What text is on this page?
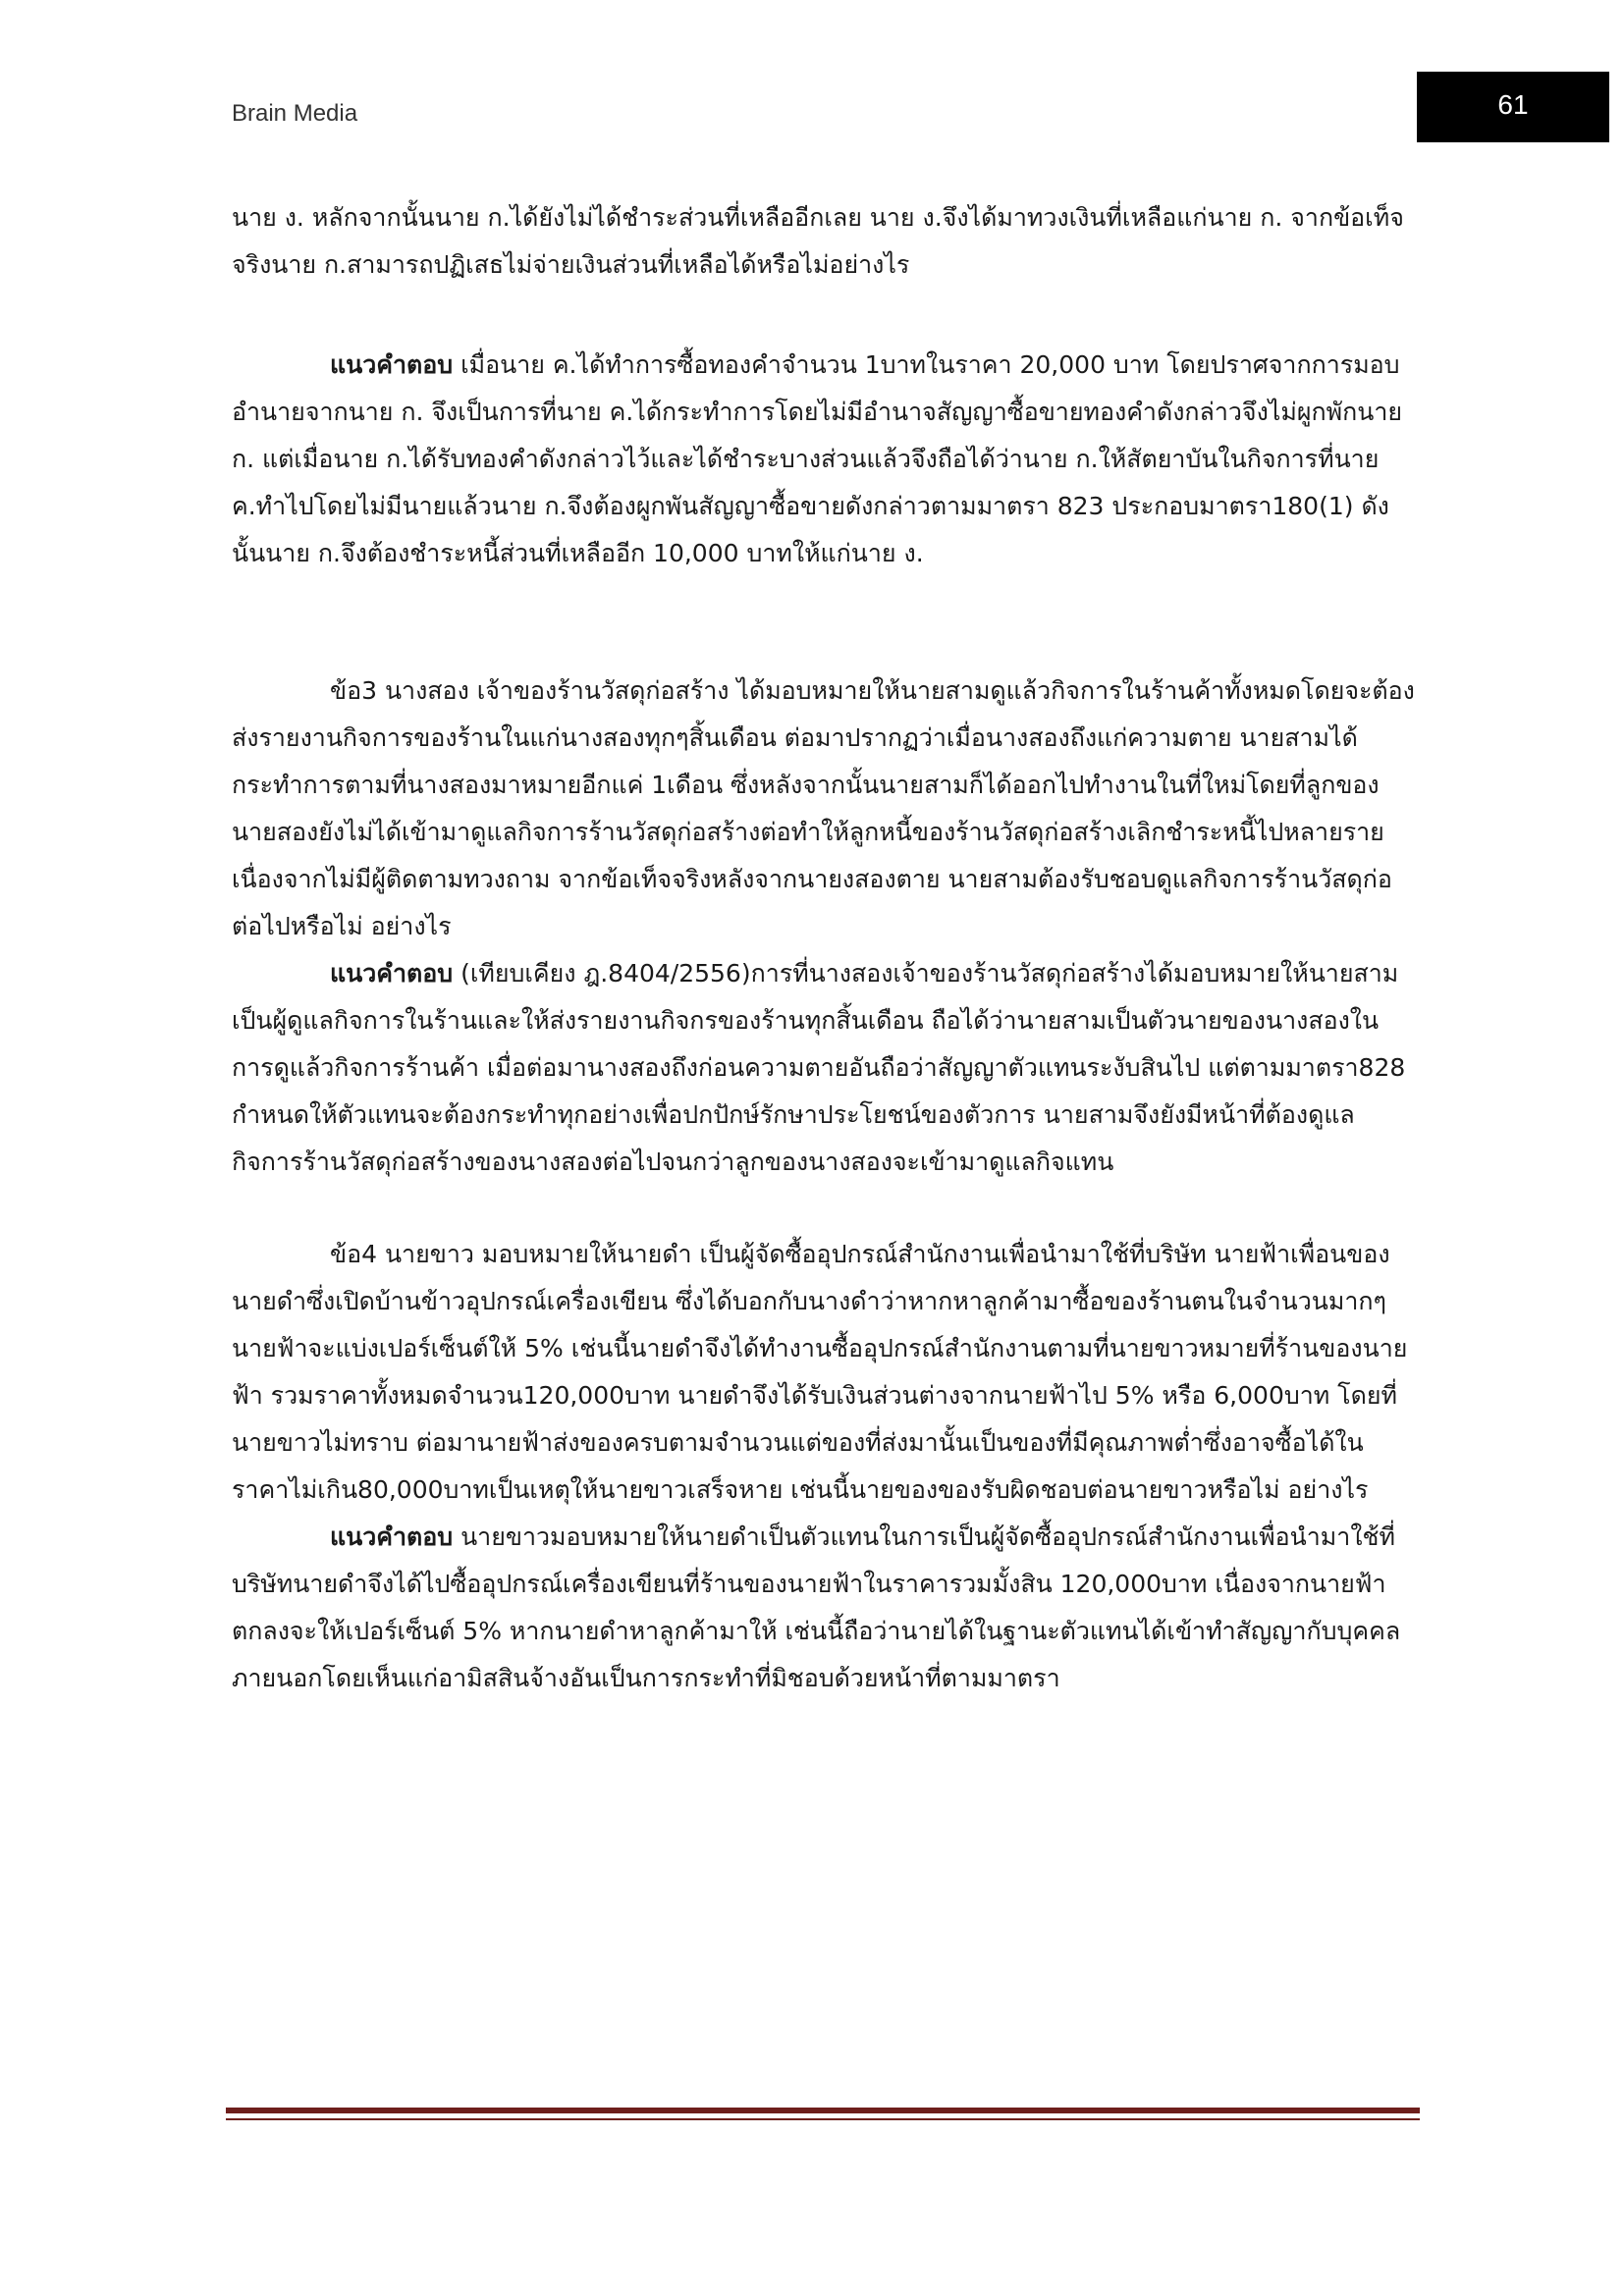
Brain Media	61

นาย ง. หลักจากนั้นนาย ก.ได้ยังไม่ได้ชำระส่วนที่เหลืออีกเลย นาย ง.จึงได้มาทวงเงินที่เหลือแก่นาย ก. จากข้อเท็จจริงนาย ก.สามารถปฏิเสธไม่จ่ายเงินส่วนที่เหลือได้หรือไม่อย่างไร

แนวคำตอบ เมื่อนาย ค.ได้ทำการซื้อทองคำจำนวน 1บาทในราคา 20,000 บาท โดยปราศจากการมอบอำนายจากนาย ก. จึงเป็นการที่นาย ค.ได้กระทำการโดยไม่มีอำนาจสัญญาซื้อขายทองคำดังกล่าวจึงไม่ผูกพักนาย ก. แต่เมื่อนาย ก.ได้รับทองคำดังกล่าวไว้และได้ชำระบางส่วนแล้วจึงถือได้ว่านาย ก.ให้สัตยาบันในกิจการที่นาย ค.ทำไปโดยไม่มีนายแล้วนาย ก.จึงต้องผูกพันสัญญาซื้อขายดังกล่าวตามมาตรา 823 ประกอบมาตรา180(1) ดังนั้นนาย ก.จึงต้องชำระหนี้ส่วนที่เหลืออีก 10,000 บาทให้แก่นาย ง.

ข้อ3 นางสอง เจ้าของร้านวัสดุก่อสร้าง ได้มอบหมายให้นายสามดูแล้วกิจการในร้านค้าทั้งหมดโดยจะต้องส่งรายงานกิจการของร้านในแก่นางสองทุกๆสิ้นเดือน ต่อมาปรากฏว่าเมื่อนางสองถึงแก่ความตาย นายสามได้กระทำการตามที่นางสองมาหมายอีกแค่ 1เดือน ซึ่งหลังจากนั้นนายสามก็ได้ออกไปทำงานในที่ใหม่โดยที่ลูกของนายสองยังไม่ได้เข้ามาดูแลกิจการร้านวัสดุก่อสร้างต่อทำให้ลูกหนี้ของร้านวัสดุก่อสร้างเลิกชำระหนี้ไปหลายรายเนื่องจากไม่มีผู้ติดตามทวงถาม จากข้อเท็จจริงหลังจากนายงสองตาย นายสามต้องรับชอบดูแลกิจการร้านวัสดุก่อต่อไปหรือไม่ อย่างไร

แนวคำตอบ (เทียบเคียง ฎ.8404/2556)การที่นางสองเจ้าของร้านวัสดุก่อสร้างได้มอบหมายให้นายสามเป็นผู้ดูแลกิจการในร้านและให้ส่งรายงานกิจกรของร้านทุกสิ้นเดือน ถือได้ว่านายสามเป็นตัวนายของนางสองในการดูแล้วกิจการร้านค้า เมื่อต่อมานางสองถึงก่อนความตายอันถือว่าสัญญาตัวแทนระงับสินไป แต่ตามมาตรา828 กำหนดให้ตัวแทนจะต้องกระทำทุกอย่างเพื่อปกปักษ์รักษาประโยชน์ของตัวการ นายสามจึงยังมีหน้าที่ต้องดูแลกิจการร้านวัสดุก่อสร้างของนางสองต่อไปจนกว่าลูกของนางสองจะเข้ามาดูแลกิจแทน

ข้อ4 นายขาว มอบหมายให้นายดำ เป็นผู้จัดซื้ออุปกรณ์สำนักงานเพื่อนำมาใช้ที่บริษัท นายฟ้าเพื่อนของนายดำซึ่งเปิดบ้านข้าวอุปกรณ์เครื่องเขียน ซึ่งได้บอกกับนางดำว่าหากหาลูกค้ามาซื้อของร้านตนในจำนวนมากๆนายฟ้าจะแบ่งเปอร์เซ็นต์ให้ 5% เช่นนี้นายดำจึงได้ทำงานซื้ออุปกรณ์สำนักงานตามที่นายขาวหมายที่ร้านของนายฟ้า รวมราคาทั้งหมดจำนวน120,000บาท นายดำจึงได้รับเงินส่วนต่างจากนายฟ้าไป 5% หรือ 6,000บาท โดยที่นายขาวไม่ทราบ ต่อมานายฟ้าส่งของครบตามจำนวนแต่ของที่ส่งมานั้นเป็นของที่มีคุณภาพต่ำซึ่งอาจซื้อได้ในราคาไม่เกิน80,000บาทเป็นเหตุให้นายขาวเสร็จหาย เช่นนี้นายของของรับผิดชอบต่อนายขาวหรือไม่ อย่างไร

แนวคำตอบ นายขาวมอบหมายให้นายดำเป็นตัวแทนในการเป็นผู้จัดซื้ออุปกรณ์สำนักงานเพื่อนำมาใช้ที่บริษัทนายดำจึงได้ไปซื้ออุปกรณ์เครื่องเขียนที่ร้านของนายฟ้าในราคารวมมั้งสิน 120,000บาท เนื่องจากนายฟ้าตกลงจะให้เปอร์เซ็นต์ 5% หากนายดำหาลูกค้ามาให้ เช่นนี้ถือว่านายได้ในฐานะตัวแทนได้เข้าทำสัญญากับบุคคลภายนอกโดยเห็นแก่อามิสสินจ้างอันเป็นการกระทำที่มิชอบด้วยหน้าที่ตามมาตรา
